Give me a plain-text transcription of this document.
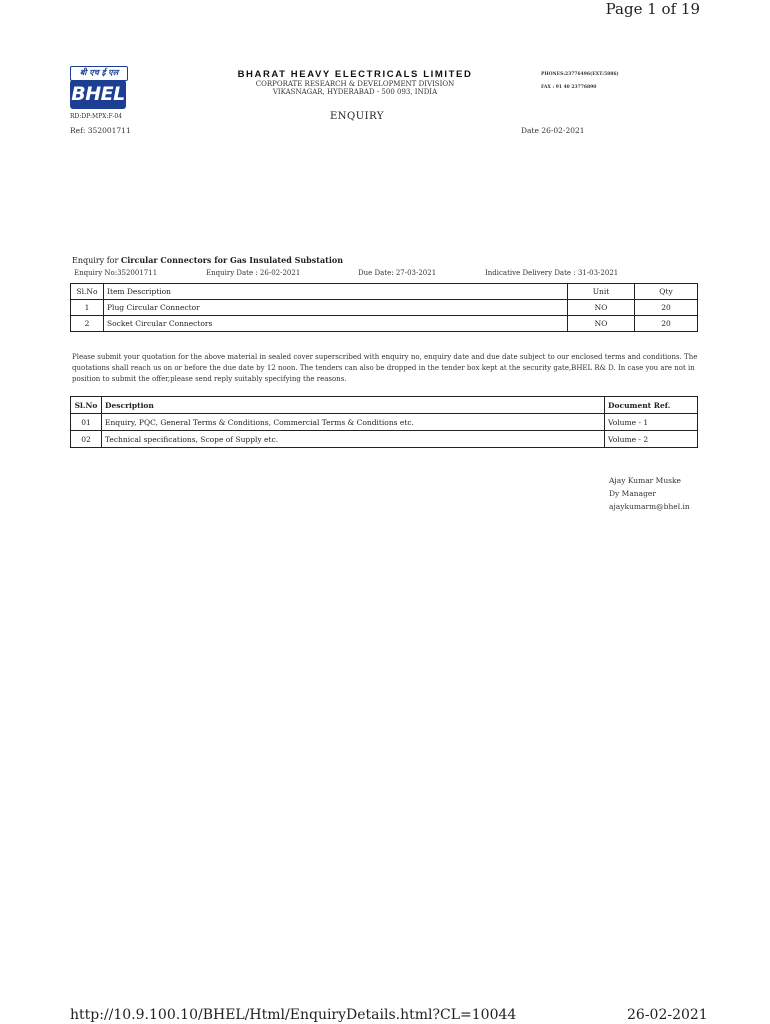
Page 1 of 19
बी एच ई एल
BHEL
BHARAT HEAVY ELECTRICALS LIMITED
CORPORATE RESEARCH & DEVELOPMENT DIVISION
VIKASNAGAR, HYDERABAD - 500 093, INDIA
PHONES:23776496(EXT:5886)
FAX : 91 40 23776890
RD:DP:MPX:F-04	ENQUIRY
Ref: 352001711	Date 26-02-2021
Enquiry for Circular Connectors for Gas Insulated Substation
Enquiry No:352001711	Enquiry Date : 26-02-2021	Due Date: 27-03-2021	Indicative Delivery Date : 31-03-2021
Sl.No	Item Description	Unit	Qty
1	Plug Circular Connector	NO	20
2	Socket Circular Connectors	NO	20
Please submit your quotation for the above material in sealed cover superscribed with enquiry no, enquiry date and due date subject to our enclosed terms and conditions. The quotations shall reach us on or before the due date by 12 noon. The tenders can also be dropped in the tender box kept at the security gate,BHEL R& D. In case you are not in position to submit the offer,please send reply suitably specifying the reasons.
Sl.No	Description	Document Ref.
01	Enquiry, PQC, General Terms & Conditions, Commercial Terms & Conditions etc.	Volume - 1
02	Technical specifications, Scope of Supply etc.	Volume - 2
Ajay Kumar Muske
Dy Manager
ajaykumarm@bhel.in
http://10.9.100.10/BHEL/Html/EnquiryDetails.html?CL=10044	26-02-2021
